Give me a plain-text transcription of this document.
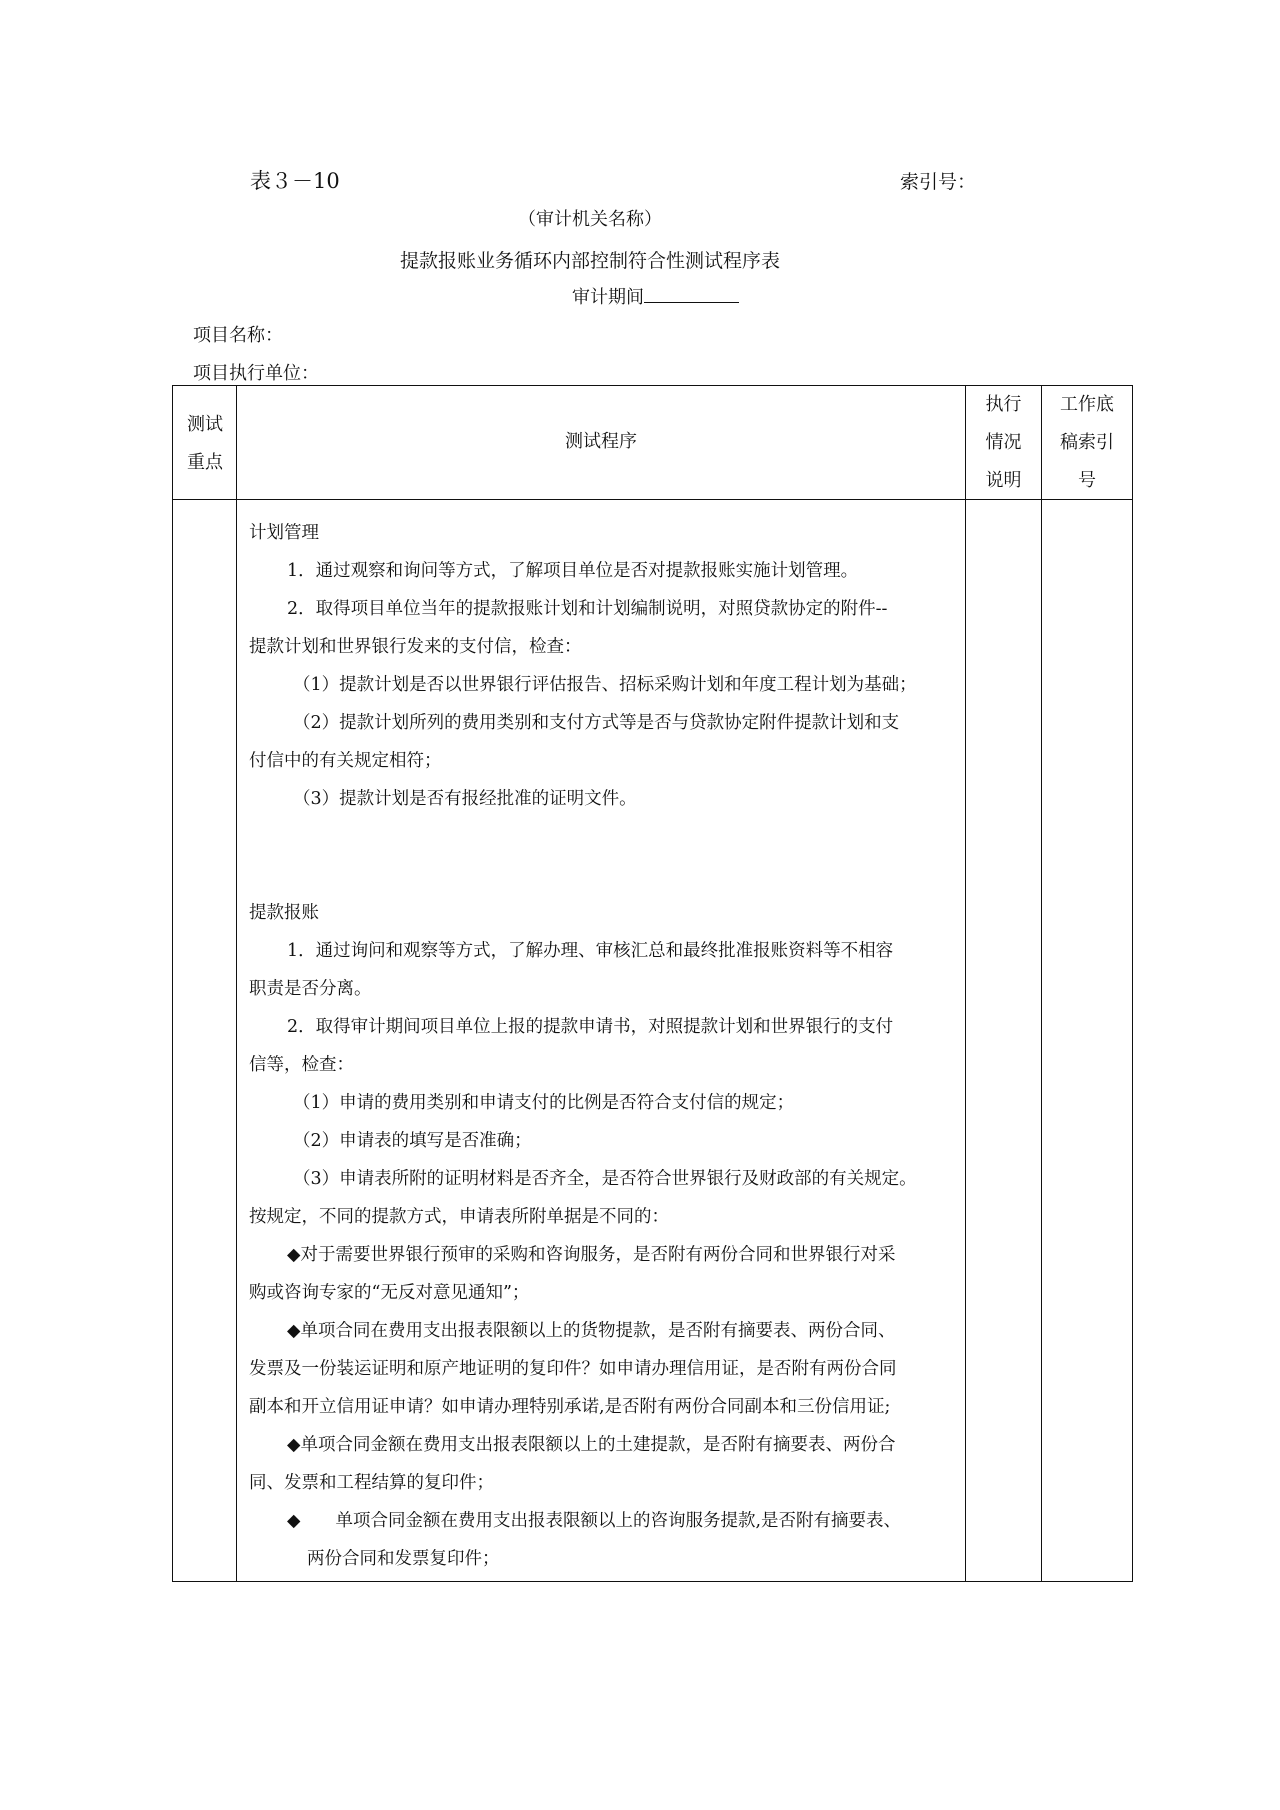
表３－10	索引号：
（审计机关名称）
提款报账业务循环内部控制符合性测试程序表
审计期间
项目名称：
项目执行单位：
测试
重点
测试程序
执行
情况
说明
工作底
稿索引
号
计划管理
1．通过观察和询问等方式，了解项目单位是否对提款报账实施计划管理。
2．取得项目单位当年的提款报账计划和计划编制说明，对照贷款协定的附件--
提款计划和世界银行发来的支付信，检查：
（1）提款计划是否以世界银行评估报告、招标采购计划和年度工程计划为基础；
（2）提款计划所列的费用类别和支付方式等是否与贷款协定附件提款计划和支
付信中的有关规定相符；
（3）提款计划是否有报经批准的证明文件。
提款报账
1．通过询问和观察等方式，了解办理、审核汇总和最终批准报账资料等不相容
职责是否分离。
2．取得审计期间项目单位上报的提款申请书，对照提款计划和世界银行的支付
信等，检查：
（1）申请的费用类别和申请支付的比例是否符合支付信的规定；
（2）申请表的填写是否准确；
（3）申请表所附的证明材料是否齐全，是否符合世界银行及财政部的有关规定。
按规定，不同的提款方式，申请表所附单据是不同的：
◆对于需要世界银行预审的采购和咨询服务，是否附有两份合同和世界银行对采
购或咨询专家的“无反对意见通知”；
◆单项合同在费用支出报表限额以上的货物提款，是否附有摘要表、两份合同、
发票及一份装运证明和原产地证明的复印件？如申请办理信用证，是否附有两份合同
副本和开立信用证申请？如申请办理特别承诺,是否附有两份合同副本和三份信用证;
◆单项合同金额在费用支出报表限额以上的土建提款，是否附有摘要表、两份合
同、发票和工程结算的复印件；
◆　　单项合同金额在费用支出报表限额以上的咨询服务提款,是否附有摘要表、
两份合同和发票复印件；
